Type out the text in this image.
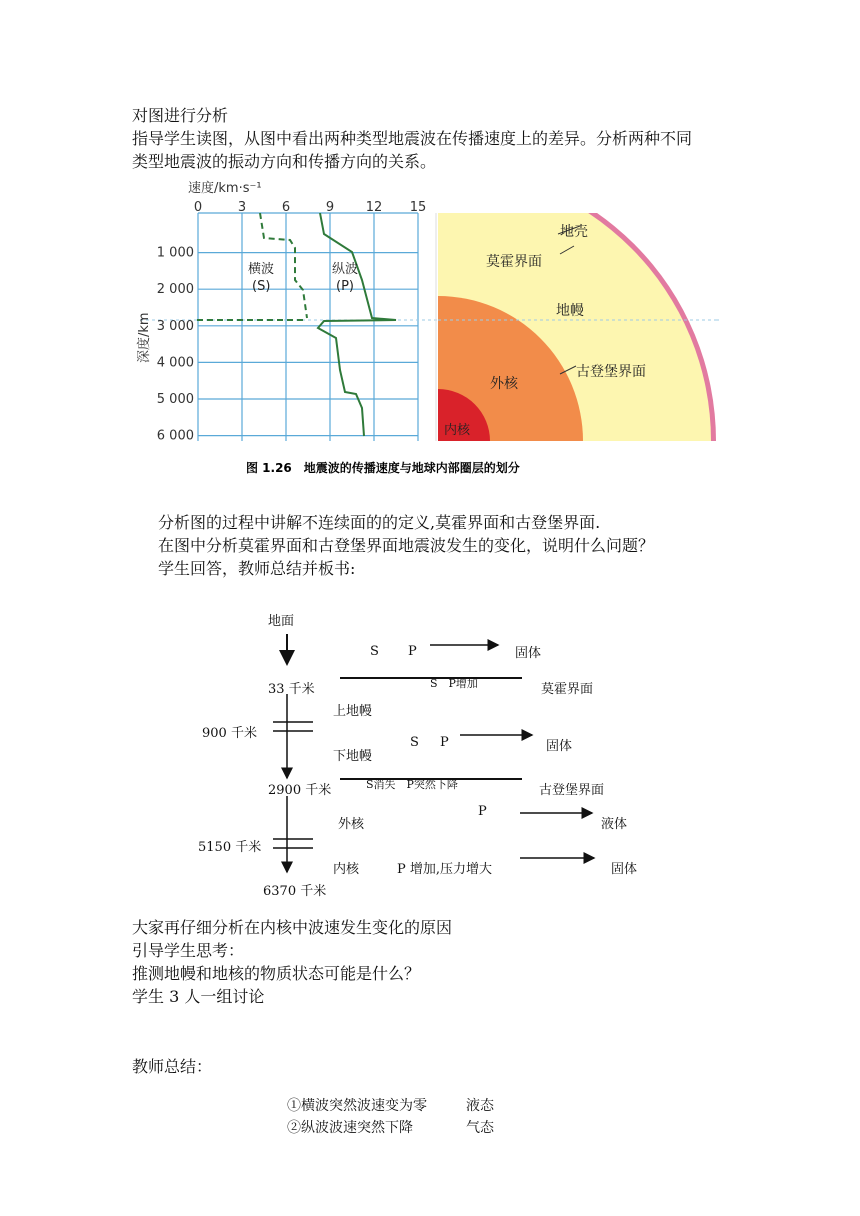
对图进行分析
指导学生读图，从图中看出两种类型地震波在传播速度上的差异。分析两种不同
类型地震波的振动方向和传播方向的关系。
0	3	6	9 12 15
1 000
2 000
3 000
4 000
5 000
6 000
速度/km·s⁻¹
深度/km
横波
(S)
纵波
(P)
地壳
莫霍界面
地幔
古登堡界面
外核
内核
图 1.26　地震波的传播速度与地球内部圈层的划分
分析图的过程中讲解不连续面的的定义,莫霍界面和古登堡界面.
在图中分析莫霍界面和古登堡界面地震波发生的变化，说明什么问题？
学生回答，教师总结并板书:
地面
S P	固体
33 千米	S　P增加	莫霍界面
上地幔
900 千米
S P	固体
下地幔
2900 千米	S消失　P突然下降	古登堡界面
P
外核	液体
5150 千米
内核	P 增加,压力增大	固体
6370 千米
大家再仔细分析在内核中波速发生变化的原因
引导学生思考：
推测地幔和地核的物质状态可能是什么？
学生 3 人一组讨论
教师总结：
①横波突然波速变为零	液态
②纵波波速突然下降	气态
